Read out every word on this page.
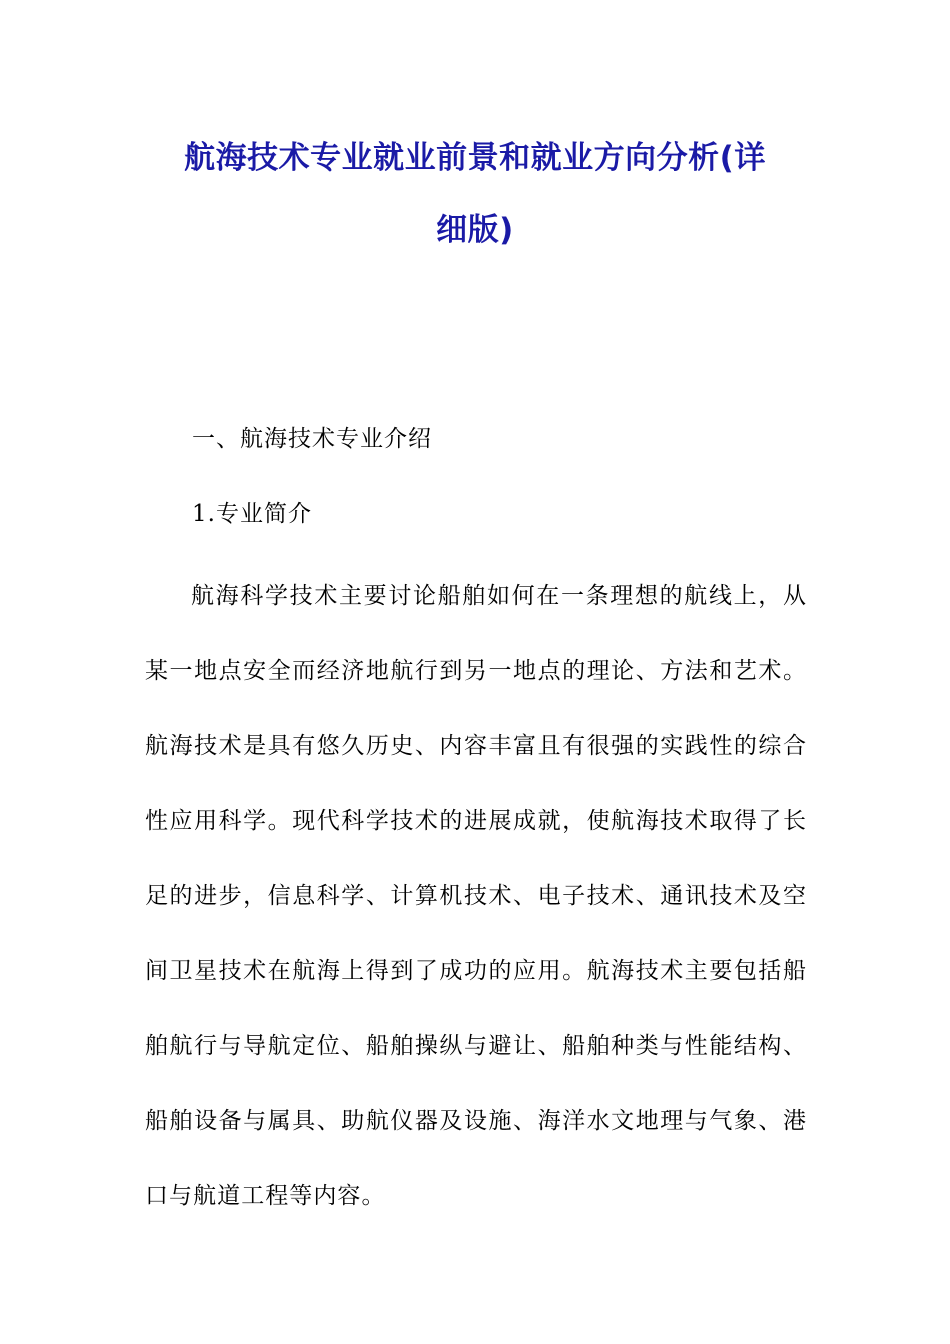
航海技术专业就业前景和就业方向分析(详
细版)
一、航海技术专业介绍
1.专业简介
航海科学技术主要讨论船舶如何在一条理想的航线上，从某一地点安全而经济地航行到另一地点的理论、方法和艺术。航海技术是具有悠久历史、内容丰富且有很强的实践性的综合性应用科学。现代科学技术的进展成就，使航海技术取得了长足的进步，信息科学、计算机技术、电子技术、通讯技术及空间卫星技术在航海上得到了成功的应用。航海技术主要包括船舶航行与导航定位、船舶操纵与避让、船舶种类与性能结构、船舶设备与属具、助航仪器及设施、海洋水文地理与气象、港口与航道工程等内容。
